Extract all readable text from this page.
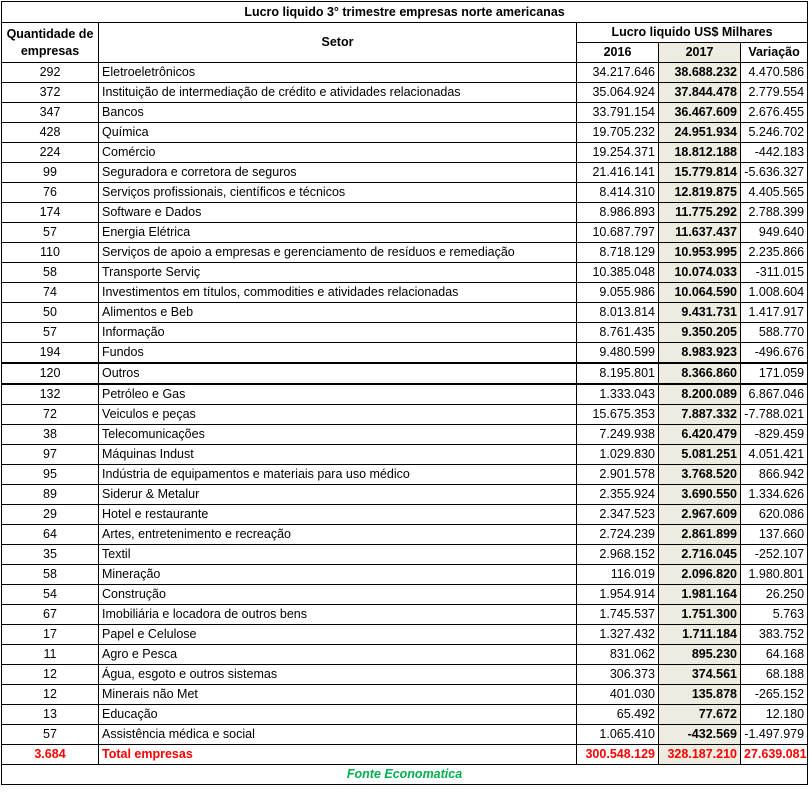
Lucro liquido 3° trimestre empresas norte americanas				
Quantidade de empresas	Setor	Lucro liquido US$ Milhares		
		2016	2017	Variação
292	Eletroeletrônicos	34.217.646	38.688.232	4.470.586
372	Instituição de intermediação de crédito e atividades relacionadas	35.064.924	37.844.478	2.779.554
347	Bancos	33.791.154	36.467.609	2.676.455
428	Química	19.705.232	24.951.934	5.246.702
224	Comércio	19.254.371	18.812.188	-442.183
99	Seguradora e corretora de seguros	21.416.141	15.779.814	-5.636.327
76	Serviços profissionais, científicos e técnicos	8.414.310	12.819.875	4.405.565
174	Software e Dados	8.986.893	11.775.292	2.788.399
57	Energia Elétrica	10.687.797	11.637.437	949.640
110	Serviços de apoio a empresas e gerenciamento de resíduos e remediação	8.718.129	10.953.995	2.235.866
58	Transporte Serviç	10.385.048	10.074.033	-311.015
74	Investimentos em títulos, commodities e atividades relacionadas	9.055.986	10.064.590	1.008.604
50	Alimentos e Beb	8.013.814	9.431.731	1.417.917
57	Informação	8.761.435	9.350.205	588.770
194	Fundos	9.480.599	8.983.923	-496.676
120	Outros	8.195.801	8.366.860	171.059
132	Petróleo e Gas	1.333.043	8.200.089	6.867.046
72	Veiculos e peças	15.675.353	7.887.332	-7.788.021
38	Telecomunicações	7.249.938	6.420.479	-829.459
97	Máquinas Indust	1.029.830	5.081.251	4.051.421
95	Indústria de equipamentos e materiais para uso médico	2.901.578	3.768.520	866.942
89	Siderur & Metalur	2.355.924	3.690.550	1.334.626
29	Hotel e restaurante	2.347.523	2.967.609	620.086
64	Artes, entretenimento e recreação	2.724.239	2.861.899	137.660
35	Textil	2.968.152	2.716.045	-252.107
58	Mineração	116.019	2.096.820	1.980.801
54	Construção	1.954.914	1.981.164	26.250
67	Imobiliária e locadora de outros bens	1.745.537	1.751.300	5.763
17	Papel e Celulose	1.327.432	1.711.184	383.752
11	Agro e Pesca	831.062	895.230	64.168
12	Água, esgoto e outros sistemas	306.373	374.561	68.188
12	Minerais não Met	401.030	135.878	-265.152
13	Educação	65.492	77.672	12.180
57	Assistência médica e social	1.065.410	-432.569	-1.497.979
3.684	Total empresas	300.548.129	328.187.210	27.639.081
Fonte Economatica				
